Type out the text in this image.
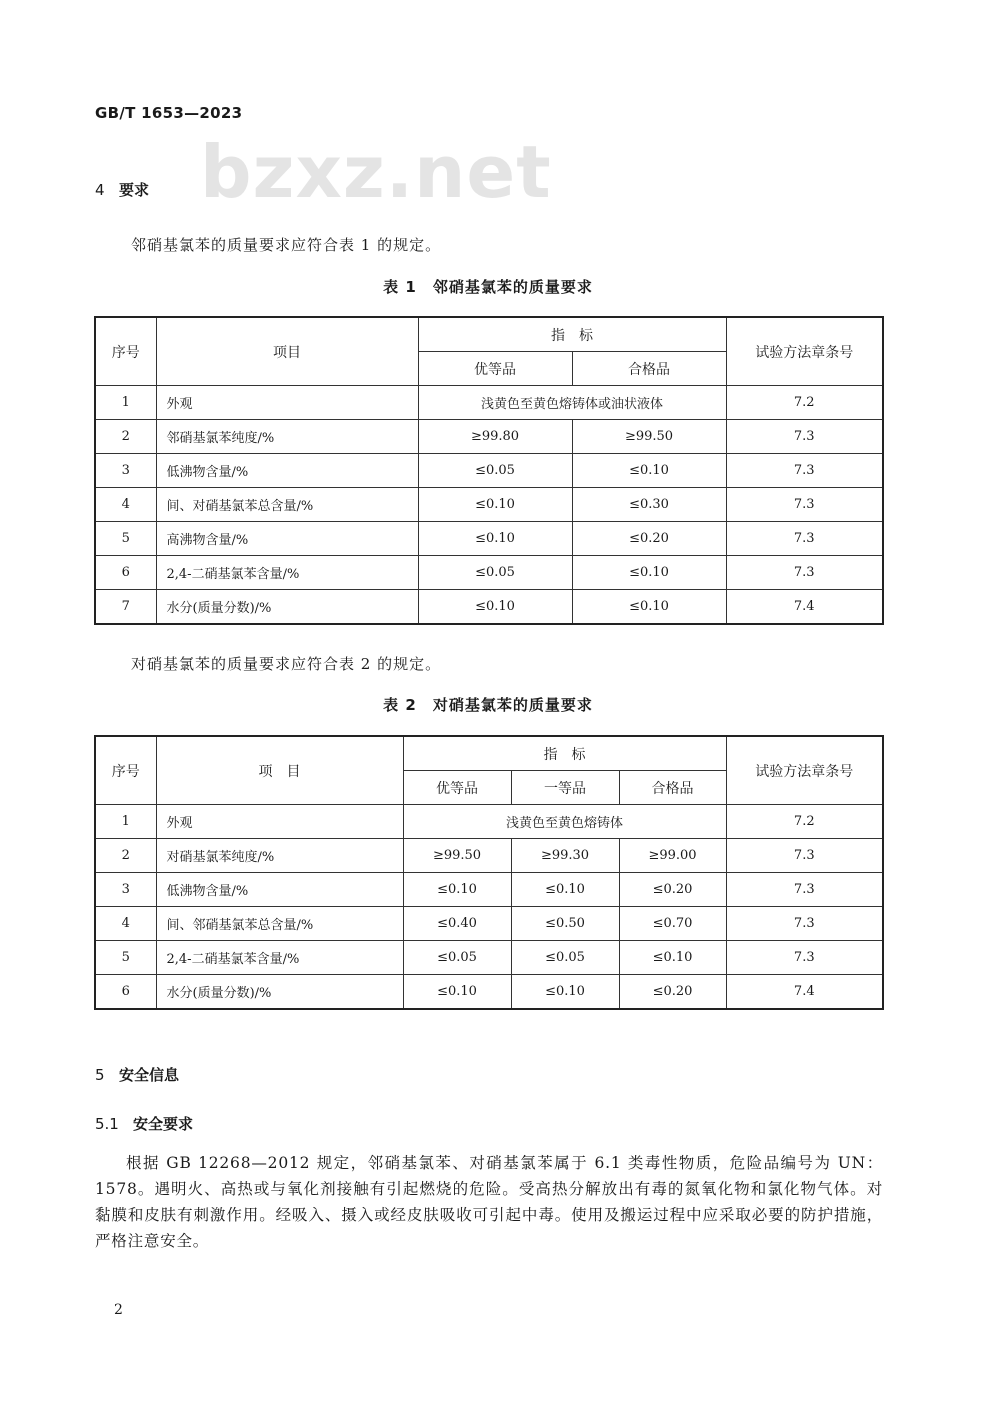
GB/T 1653—2023
bzxz.net
4 要求
邻硝基氯苯的质量要求应符合表 1 的规定。
表 1　邻硝基氯苯的质量要求
序号	项目	指　标		试验方法章条号
		优等品	合格品	
1	外观	浅黄色至黄色熔铸体或油状液体		7.2
2	邻硝基氯苯纯度/%	≥99.80	≥99.50	7.3
3	低沸物含量/%	≤0.05	≤0.10	7.3
4	间、对硝基氯苯总含量/%	≤0.10	≤0.30	7.3
5	高沸物含量/%	≤0.10	≤0.20	7.3
6	2,4-二硝基氯苯含量/%	≤0.05	≤0.10	7.3
7	水分(质量分数)/%	≤0.10	≤0.10	7.4
对硝基氯苯的质量要求应符合表 2 的规定。
表 2　对硝基氯苯的质量要求
序号	项　目	指　标			试验方法章条号
		优等品	一等品	合格品	
1	外观	浅黄色至黄色熔铸体			7.2
2	对硝基氯苯纯度/%	≥99.50	≥99.30	≥99.00	7.3
3	低沸物含量/%	≤0.10	≤0.10	≤0.20	7.3
4	间、邻硝基氯苯总含量/%	≤0.40	≤0.50	≤0.70	7.3
5	2,4-二硝基氯苯含量/%	≤0.05	≤0.05	≤0.10	7.3
6	水分(质量分数)/%	≤0.10	≤0.10	≤0.20	7.4
5 安全信息
5.1 安全要求

根据 GB 12268—2012 规定，邻硝基氯苯、对硝基氯苯属于 6.1 类毒性物质，危险品编号为 UN：1578。遇明火、高热或与氧化剂接触有引起燃烧的危险。受高热分解放出有毒的氮氧化物和氯化物气体。对黏膜和皮肤有刺激作用。经吸入、摄入或经皮肤吸收可引起中毒。使用及搬运过程中应采取必要的防护措施，严格注意安全。

2
